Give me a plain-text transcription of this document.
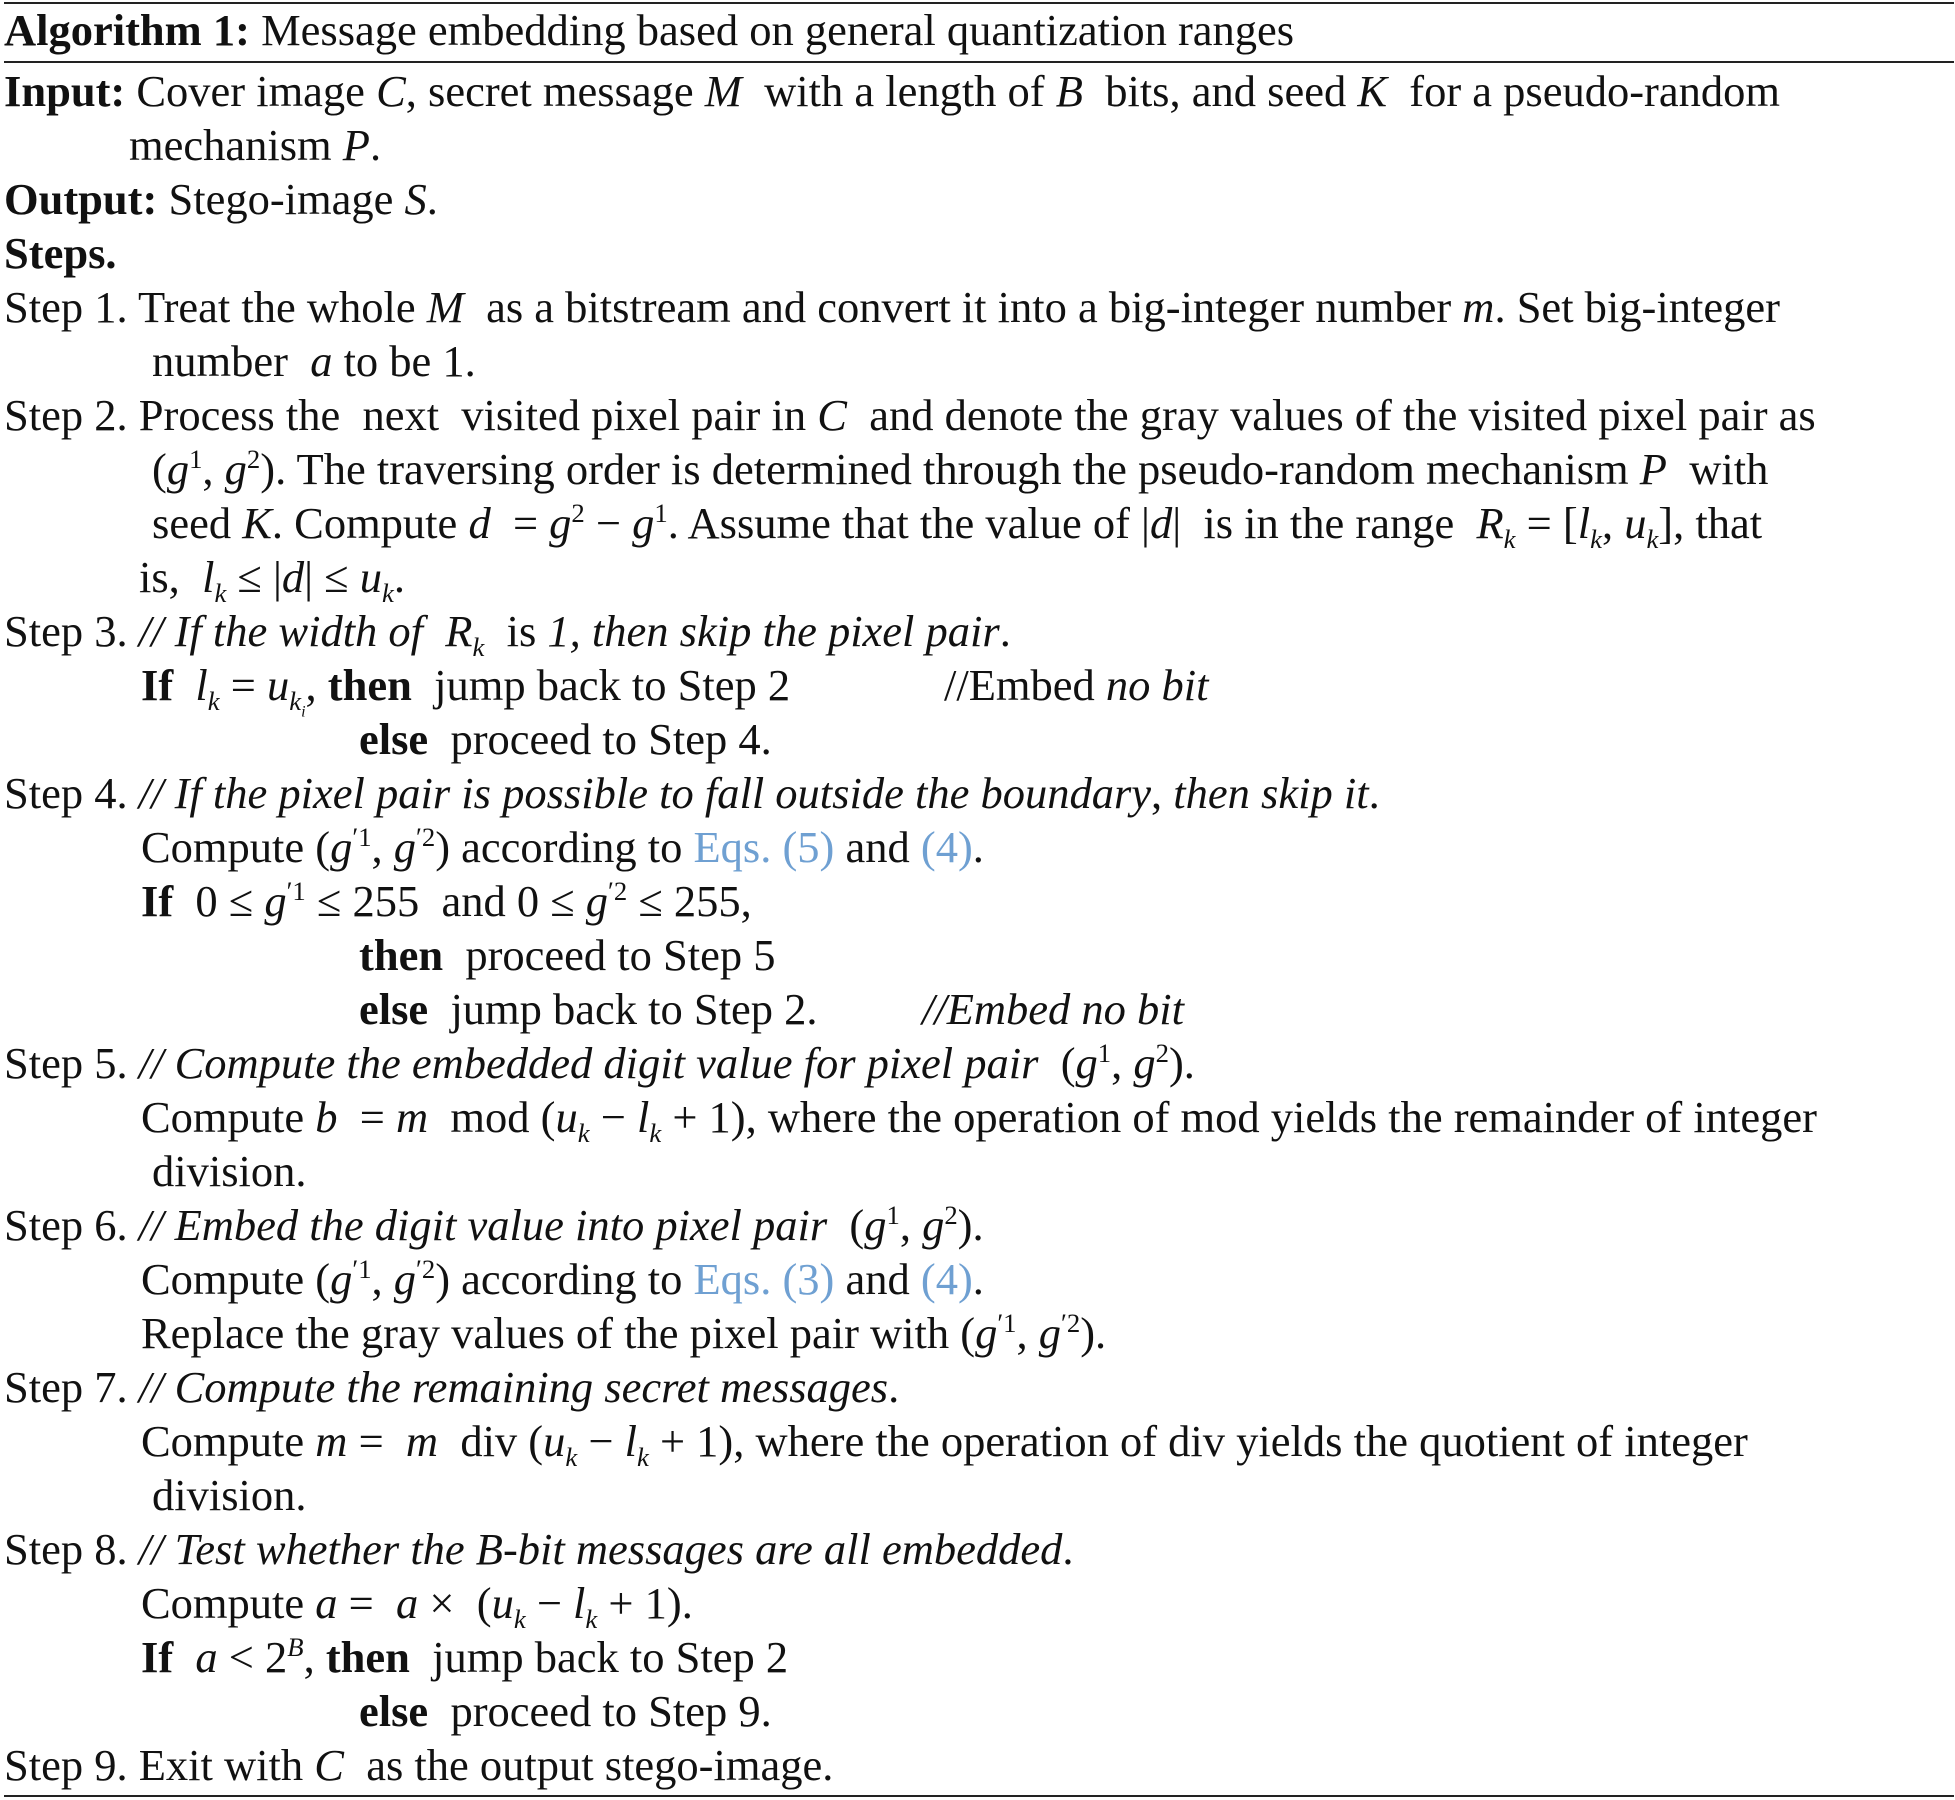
Algorithm 1: Message embedding based on general quantization ranges
Input: Cover image C, secret message M  with a length of B  bits, and seed K  for a pseudo-random
mechanism P.
Output: Stego-image S.
Steps.
Step 1. Treat the whole M  as a bitstream and convert it into a big-integer number m. Set big-integer
number  a to be 1.
Step 2. Process the  next  visited pixel pair in C  and denote the gray values of the visited pixel pair as
($g^1$, $g^2$). The traversing order is determined through the pseudo-random mechanism P  with
seed K. Compute $d = g^2 - g^1$. Assume that the value of |d|  is in the range  $R_k = [l_k$, $u_k$], that
is,  $l_k \le |d| \le u_k$.
Step 3. // If the width of $R_k$  is 1, then skip the pixel pair.
If $l_k = u_{k_i}$, then  jump back to Step 2	//Embed no bit
else  proceed to Step 4.
Step 4. // If the pixel pair is possible to fall outside the boundary, then skip it.
Compute ($g^{'1}$, $g^{'2}$) according to Eqs. (5) and (4).
If  $0 \le g^{'1} \le 255$  and $0 \le g^{'2} \le 255$,
then  proceed to Step 5
else  jump back to Step 2. //Embed no bit
Step 5. // Compute the embedded digit value for pixel pair  ($g^1$, $g^2$).
Compute b  = m  mod $(u_k - l_k + 1)$, where the operation of mod yields the remainder of integer
division.
Step 6. // Embed the digit value into pixel pair  ($g^1$, $g^2$).
Compute ($g^{'1}$, $g^{'2}$) according to Eqs. (3) and (4).
Replace the gray values of the pixel pair with ($g^{'1}$, $g^{'2}$).
Step 7. // Compute the remaining secret messages.
Compute m =  m  div $(u_k - l_k + 1)$, where the operation of div yields the quotient of integer
division.
Step 8. // Test whether the B-bit messages are all embedded.
Compute $a = a \times (u_k - l_k + 1)$.
If $a < 2^B$, then  jump back to Step 2
else  proceed to Step 9.
Step 9. Exit with C  as the output stego-image.
